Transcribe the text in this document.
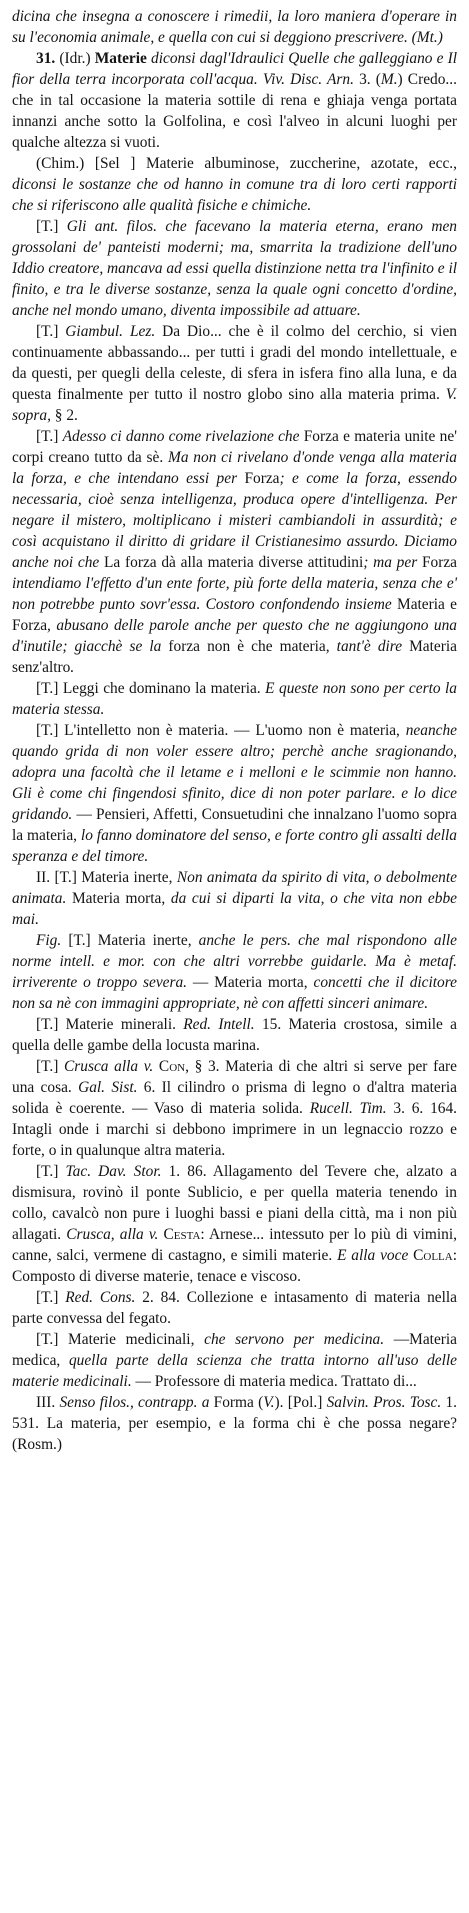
dicina che insegna a conoscere i rimedii, la loro maniera d'operare in su l'economia animale, e quella con cui si deggiono prescrivere. (Mt.)

31. (Idr.) Materie diconsi dagl'Idraulici Quelle che galleggiano e Il fior della terra incorporata coll'acqua. Viv. Disc. Arn. 3. (M.) Credo... che in tal occasione la materia sottile di rena e ghiaja venga portata innanzi anche sotto la Golfolina, e così l'alveo in alcuni luoghi per qualche altezza si vuoti.

(Chim.) [Sel ] Materie albuminose, zuccherine, azotate, ecc., diconsi le sostanze che od hanno in comune tra di loro certi rapporti che si riferiscono alle qualità fisiche e chimiche.

[T.] Gli ant. filos. che facevano la materia eterna, erano men grossolani de' panteisti moderni; ma, smarrita la tradizione dell'uno Iddio creatore, mancava ad essi quella distinzione netta tra l'infinito e il finito, e tra le diverse sostanze, senza la quale ogni concetto d'ordine, anche nel mondo umano, diventa impossibile ad attuare.

[T.] Giambul. Lez. Da Dio... che è il colmo del cerchio, si vien continuamente abbassando... per tutti i gradi del mondo intellettuale, e da questi, per quegli della celeste, di sfera in isfera fino alla luna, e da questa finalmente per tutto il nostro globo sino alla materia prima. V. sopra, § 2.

[T.] Adesso ci danno come rivelazione che Forza e materia unite ne' corpi creano tutto da sè. Ma non ci rivelano d'onde venga alla materia la forza, e che intendano essi per Forza; e come la forza, essendo necessaria, cioè senza intelligenza, produca opere d'intelligenza. Per negare il mistero, moltiplicano i misteri cambiandoli in assurdità; e così acquistano il diritto di gridare il Cristianesimo assurdo. Diciamo anche noi che La forza dà alla materia diverse attitudini; ma per Forza intendiamo l'effetto d'un ente forte, più forte della materia, senza che e' non potrebbe punto sovr'essa. Costoro confondendo insieme Materia e Forza, abusano delle parole anche per questo che ne aggiungono una d'inutile; giacchè se la forza non è che materia, tant'è dire Materia senz'altro.

[T.] Leggi che dominano la materia. E queste non sono per certo la materia stessa.

[T.] L'intelletto non è materia. — L'uomo non è materia, neanche quando grida di non voler essere altro; perchè anche sragionando, adopra una facoltà che il letame e i melloni e le scimmie non hanno. Gli è come chi fingendosi sfinito, dice di non poter parlare. e lo dice gridando. — Pensieri, Affetti, Consuetudini che innalzano l'uomo sopra la materia, lo fanno dominatore del senso, e forte contro gli assalti della speranza e del timore.

II. [T.] Materia inerte, Non animata da spirito di vita, o debolmente animata. Materia morta, da cui si diparti la vita, o che vita non ebbe mai.

Fig. [T.] Materia inerte, anche le pers. che mal rispondono alle norme intell. e mor. con che altri vorrebbe guidarle. Ma è metaf. irriverente o troppo severa. — Materia morta, concetti che il dicitore non sa nè con immagini appropriate, nè con affetti sinceri animare.

[T.] Materie minerali. Red. Intell. 15. Materia crostosa, simile a quella delle gambe della locusta marina.

[T.] Crusca alla v. Con, § 3. Materia di che altri si serve per fare una cosa. Gal. Sist. 6. Il cilindro o prisma di legno o d'altra materia solida è coerente. — Vaso di materia solida. Rucell. Tim. 3. 6. 164. Intagli onde i marchi si debbono imprimere in un legnaccio rozzo e forte, o in qualunque altra materia.

[T.] Tac. Dav. Stor. 1. 86. Allagamento del Tevere che, alzato a dismisura, rovinò il ponte Sublicio, e per quella materia tenendo in collo, cavalcò non pure i luoghi bassi e piani della città, ma i non più allagati. Crusca, alla v. Cesta: Arnese... intessuto per lo più di vimini, canne, salci, vermene di castagno, e simili materie. E alla voce Colla: Composto di diverse materie, tenace e viscoso.

[T.] Red. Cons. 2. 84. Collezione e intasamento di materia nella parte convessa del fegato.

[T.] Materie medicinali, che servono per medicina. —Materia medica, quella parte della scienza che tratta intorno all'uso delle materie medicinali. — Professore di materia medica. Trattato di...

III. Senso filos., contrapp. a Forma (V.). [Pol.] Salvin. Pros. Tosc. 1. 531. La materia, per esempio, e la forma chi è che possa negare? (Rosm.)
